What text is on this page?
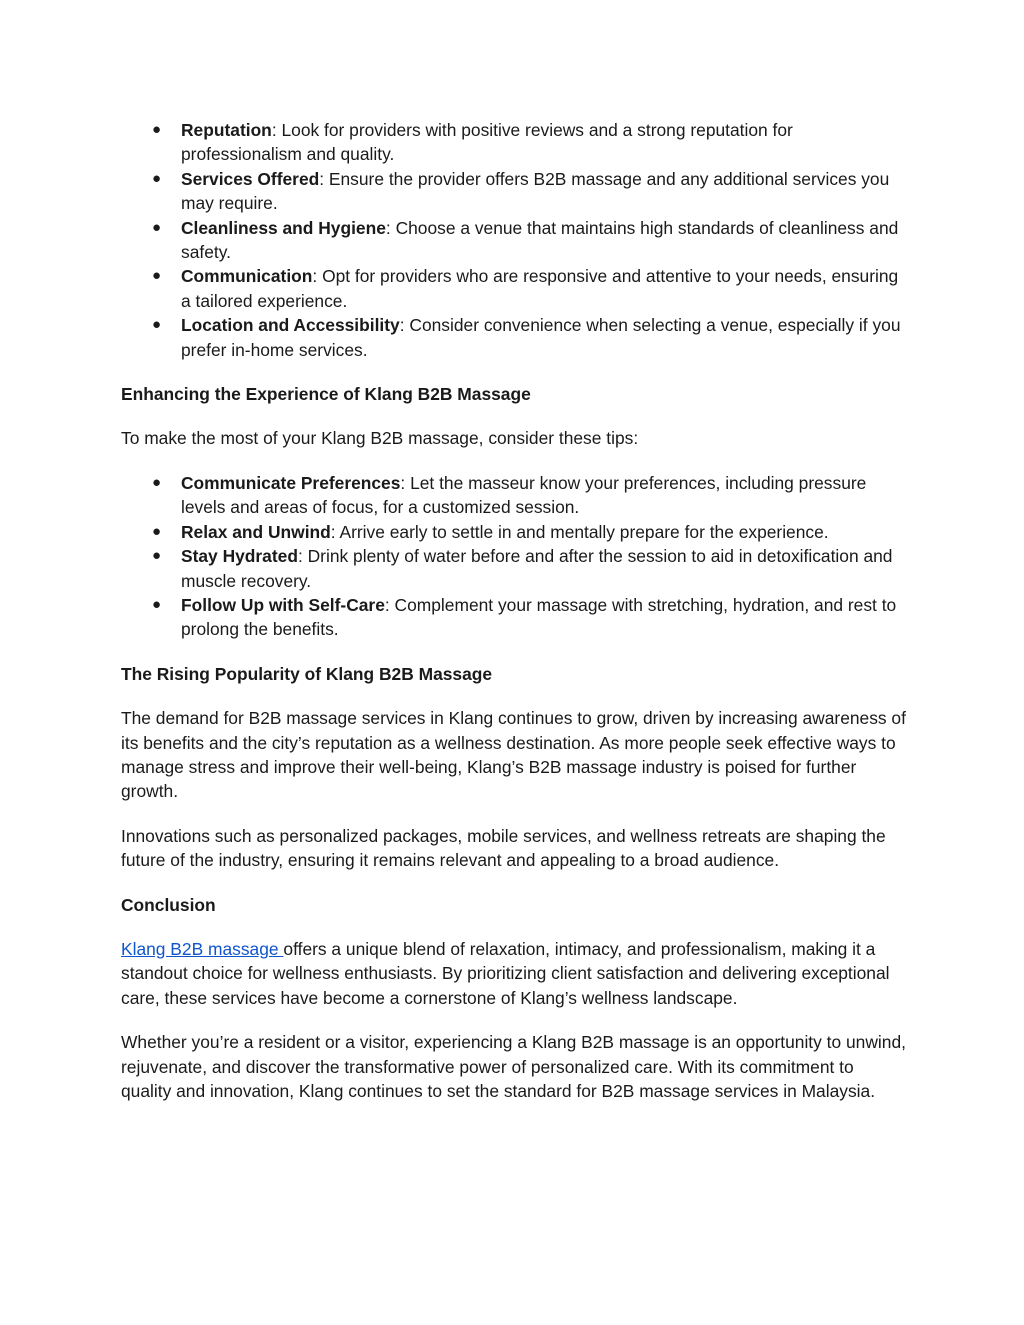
● Reputation: Look for providers with positive reviews and a strong reputation for professionalism and quality.
● Services Offered: Ensure the provider offers B2B massage and any additional services you may require.
● Cleanliness and Hygiene: Choose a venue that maintains high standards of cleanliness and safety.
● Communication: Opt for providers who are responsive and attentive to your needs, ensuring a tailored experience.
● Location and Accessibility: Consider convenience when selecting a venue, especially if you prefer in-home services.
Enhancing the Experience of Klang B2B Massage

To make the most of your Klang B2B massage, consider these tips:

● Communicate Preferences: Let the masseur know your preferences, including pressure levels and areas of focus, for a customized session.
● Relax and Unwind: Arrive early to settle in and mentally prepare for the experience.
● Stay Hydrated: Drink plenty of water before and after the session to aid in detoxification and muscle recovery.
● Follow Up with Self-Care: Complement your massage with stretching, hydration, and rest to prolong the benefits.
The Rising Popularity of Klang B2B Massage

The demand for B2B massage services in Klang continues to grow, driven by increasing awareness of its benefits and the city’s reputation as a wellness destination. As more people seek effective ways to manage stress and improve their well-being, Klang’s B2B massage industry is poised for further growth.

Innovations such as personalized packages, mobile services, and wellness retreats are shaping the future of the industry, ensuring it remains relevant and appealing to a broad audience.

Conclusion

Klang B2B massage offers a unique blend of relaxation, intimacy, and professionalism, making it a standout choice for wellness enthusiasts. By prioritizing client satisfaction and delivering exceptional care, these services have become a cornerstone of Klang’s wellness landscape.

Whether you’re a resident or a visitor, experiencing a Klang B2B massage is an opportunity to unwind, rejuvenate, and discover the transformative power of personalized care. With its commitment to quality and innovation, Klang continues to set the standard for B2B massage services in Malaysia.
